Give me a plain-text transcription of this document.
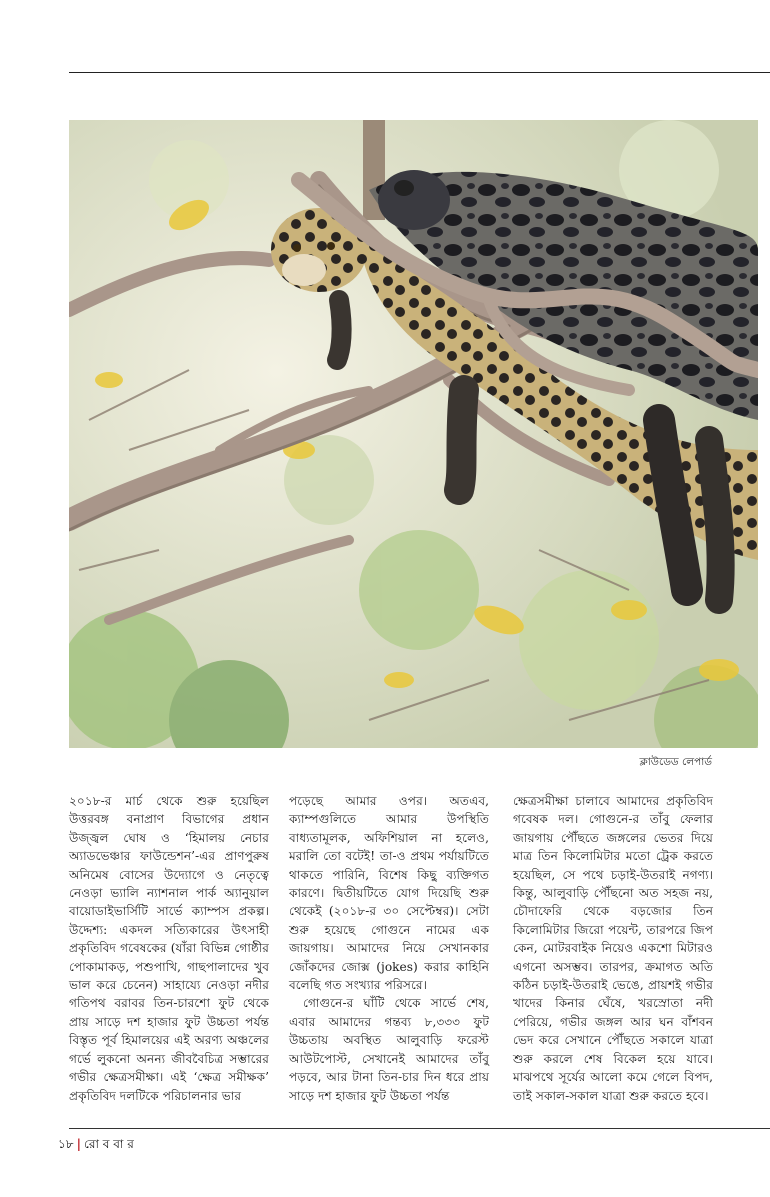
ক্লাউডেড লেপার্ড

২০১৮-র মার্চ থেকে শুরু হয়েছিল উত্তরবঙ্গ বনাপ্রাণ বিভাগের প্রধান উজ্জ্বল ঘোষ ও ‘হিমালয় নেচার অ্যাডভেঞ্চার ফাউন্ডেশন’-এর প্রাণপুরুষ অনিমেষ বোসের উদ্যোগে ও নেতৃত্বে নেওড়া ভ্যালি ন্যাশনাল পার্ক অ্যানুয়াল বায়োডাইভার্সিটি সার্ভে ক্যাম্পস প্রকল্প। উদ্দেশ্য: একদল সত্যিকারের উৎসাহী প্রকৃতিবিদ গবেষকের (যাঁরা বিভিন্ন গোষ্ঠীর পোকামাকড়, পশুপাখি, গাছপালাদের খুব ভাল করে চেনেন) সাহায্যে নেওড়া নদীর গতিপথ বরাবর তিন-চারশো ফুট থেকে প্রায় সাড়ে দশ হাজার ফুট উচ্চতা পর্যন্ত বিস্তৃত পূর্ব হিমালয়ের এই অরণ্য অঞ্চলের গর্ভে লুকনো অনন্য জীববৈচিত্র সম্ভারের গভীর ক্ষেত্রসমীক্ষা। এই ‘ক্ষেত্র সমীক্ষক’ প্রকৃতিবিদ দলটিকে পরিচালনার ভার

পড়েছে আমার ওপর। অতএব, ক্যাম্পগুলিতে আমার উপস্থিতি বাধ্যতামূলক, অফিশিয়াল না হলেও, মরালি তো বটেই! তা-ও প্রথম পর্যায়টিতে থাকতে পারিনি, বিশেষ কিছু ব্যক্তিগত কারণে। দ্বিতীয়টিতে যোগ দিয়েছি শুরু থেকেই (২০১৮-র ৩০ সেপ্টেম্বর)। সেটা শুরু হয়েছে গোগুনে নামের এক জায়গায়। আমাদের নিয়ে সেখানকার জোঁকদের জোক্স (jokes) করার কাহিনি বলেছি গত সংখ্যার পরিসরে।

গোগুনে-র ঘাঁটি থেকে সার্ভে শেষ, এবার আমাদের গন্তব্য ৮,৩৩৩ ফুট উচ্চতায় অবস্থিত আলুবাড়ি ফরেস্ট আউটপোস্ট, সেখানেই আমাদের তাঁবু পড়বে, আর টানা তিন-চার দিন ধরে প্রায় সাড়ে দশ হাজার ফুট উচ্চতা পর্যন্ত

ক্ষেত্রসমীক্ষা চালাবে আমাদের প্রকৃতিবিদ গবেষক দল। গোগুনে-র তাঁবু ফেলার জায়গায় পৌঁছতে জঙ্গলের ভেতর দিয়ে মাত্র তিন কিলোমিটার মতো ট্রেক করতে হয়েছিল, সে পথে চড়াই-উতরাই নগণ্য। কিন্তু, আলুবাড়ি পৌঁছনো অত সহজ নয়, চৌদাফেরি থেকে বড়জোর তিন কিলোমিটার জিরো পয়েন্ট, তারপরে জিপ কেন, মোটরবাইক নিয়েও একশো মিটারও এগনো অসম্ভব। তারপর, ক্রমাগত অতি কঠিন চড়াই-উতরাই ভেঙে, প্রায়শই গভীর খাদের কিনার ঘেঁষে, খরস্রোতা নদী পেরিয়ে, গভীর জঙ্গল আর ঘন বাঁশবন ভেদ করে সেখানে পৌঁছতে সকালে যাত্রা শুরু করলে শেষ বিকেল হয়ে যাবে। মাঝপথে সূর্যের আলো কমে গেলে বিপদ, তাই সকাল-সকাল যাত্রা শুরু করতে হবে।

১৮ | রো ব বা র
